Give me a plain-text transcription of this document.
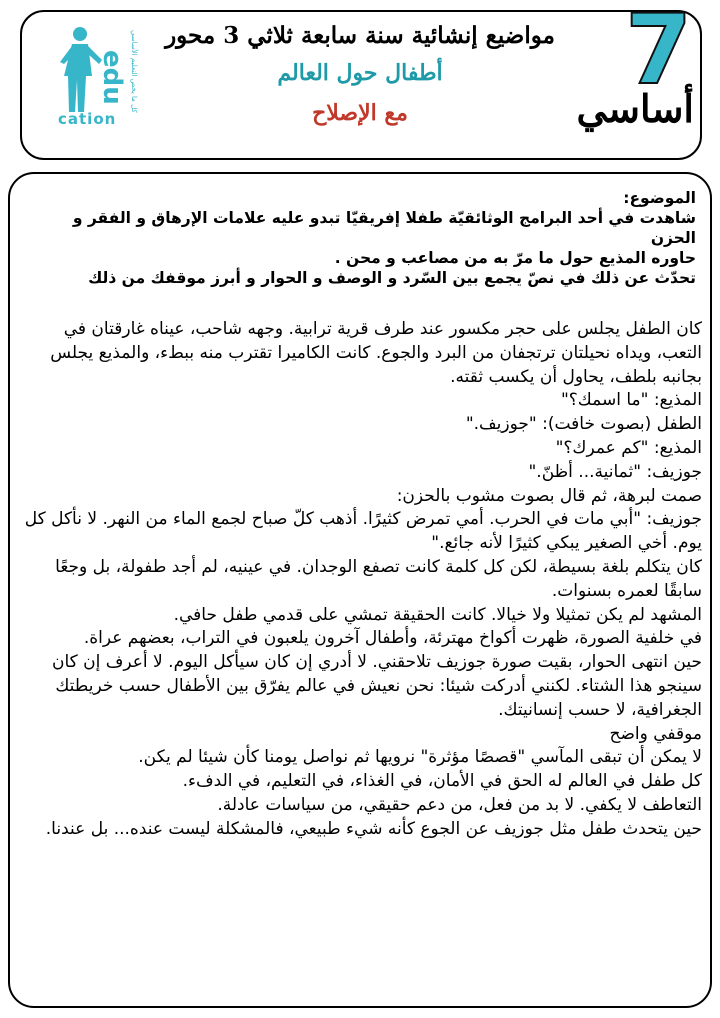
7
أساسي
مواضيع إنشائية سنة سابعة ثلاثي 3 محور
أطفال حول العالم
مع الإصلاح
edu كل ما يخص التعليم الأساسي
cation
الموضوع:
شاهدت في أحد البرامج الوثائقيّة طفلا إفريقيّا تبدو عليه علامات الإرهاق و الفقر و الحزن
حاوره المذيع حول ما مرّ به من مصاعب و محن .
تحدّث عن ذلك في نصّ يجمع بين السّرد و الوصف و الحوار و أبرز موقفك من ذلك

كان الطفل يجلس على حجر مكسور عند طرف قرية ترابية. وجهه شاحب، عيناه غارقتان في التعب، ويداه نحيلتان ترتجفان من البرد والجوع. كانت الكاميرا تقترب منه ببطء، والمذيع يجلس بجانبه بلطف، يحاول أن يكسب ثقته.

المذيع: "ما اسمك؟"

الطفل (بصوت خافت): "جوزيف."

المذيع: "كم عمرك؟"

جوزيف: "ثمانية... أظنّ."

صمت لبرهة، ثم قال بصوت مشوب بالحزن:

جوزيف: "أبي مات في الحرب. أمي تمرض كثيرًا. أذهب كلّ صباح لجمع الماء من النهر. لا نأكل كل يوم. أخي الصغير يبكي كثيرًا لأنه جائع."

كان يتكلم بلغة بسيطة، لكن كل كلمة كانت تصفع الوجدان. في عينيه، لم أجد طفولة، بل وجعًا سابقًا لعمره بسنوات.

المشهد لم يكن تمثيلا ولا خيالا. كانت الحقيقة تمشي على قدمي طفل حافي.

في خلفية الصورة، ظهرت أكواخ مهترئة، وأطفال آخرون يلعبون في التراب، بعضهم عراة.

حين انتهى الحوار، بقيت صورة جوزيف تلاحقني. لا أدري إن كان سيأكل اليوم. لا أعرف إن كان سينجو هذا الشتاء. لكنني أدركت شيئا: نحن نعيش في عالم يفرّق بين الأطفال حسب خريطتك الجغرافية، لا حسب إنسانيتك.

موقفي واضح

لا يمكن أن تبقى المآسي "قصصًا مؤثرة" نرويها ثم نواصل يومنا كأن شيئا لم يكن.

كل طفل في العالم له الحق في الأمان، في الغذاء، في التعليم، في الدفء.

التعاطف لا يكفي. لا بد من فعل، من دعم حقيقي، من سياسات عادلة.

حين يتحدث طفل مثل جوزيف عن الجوع كأنه شيء طبيعي، فالمشكلة ليست عنده... بل عندنا.
